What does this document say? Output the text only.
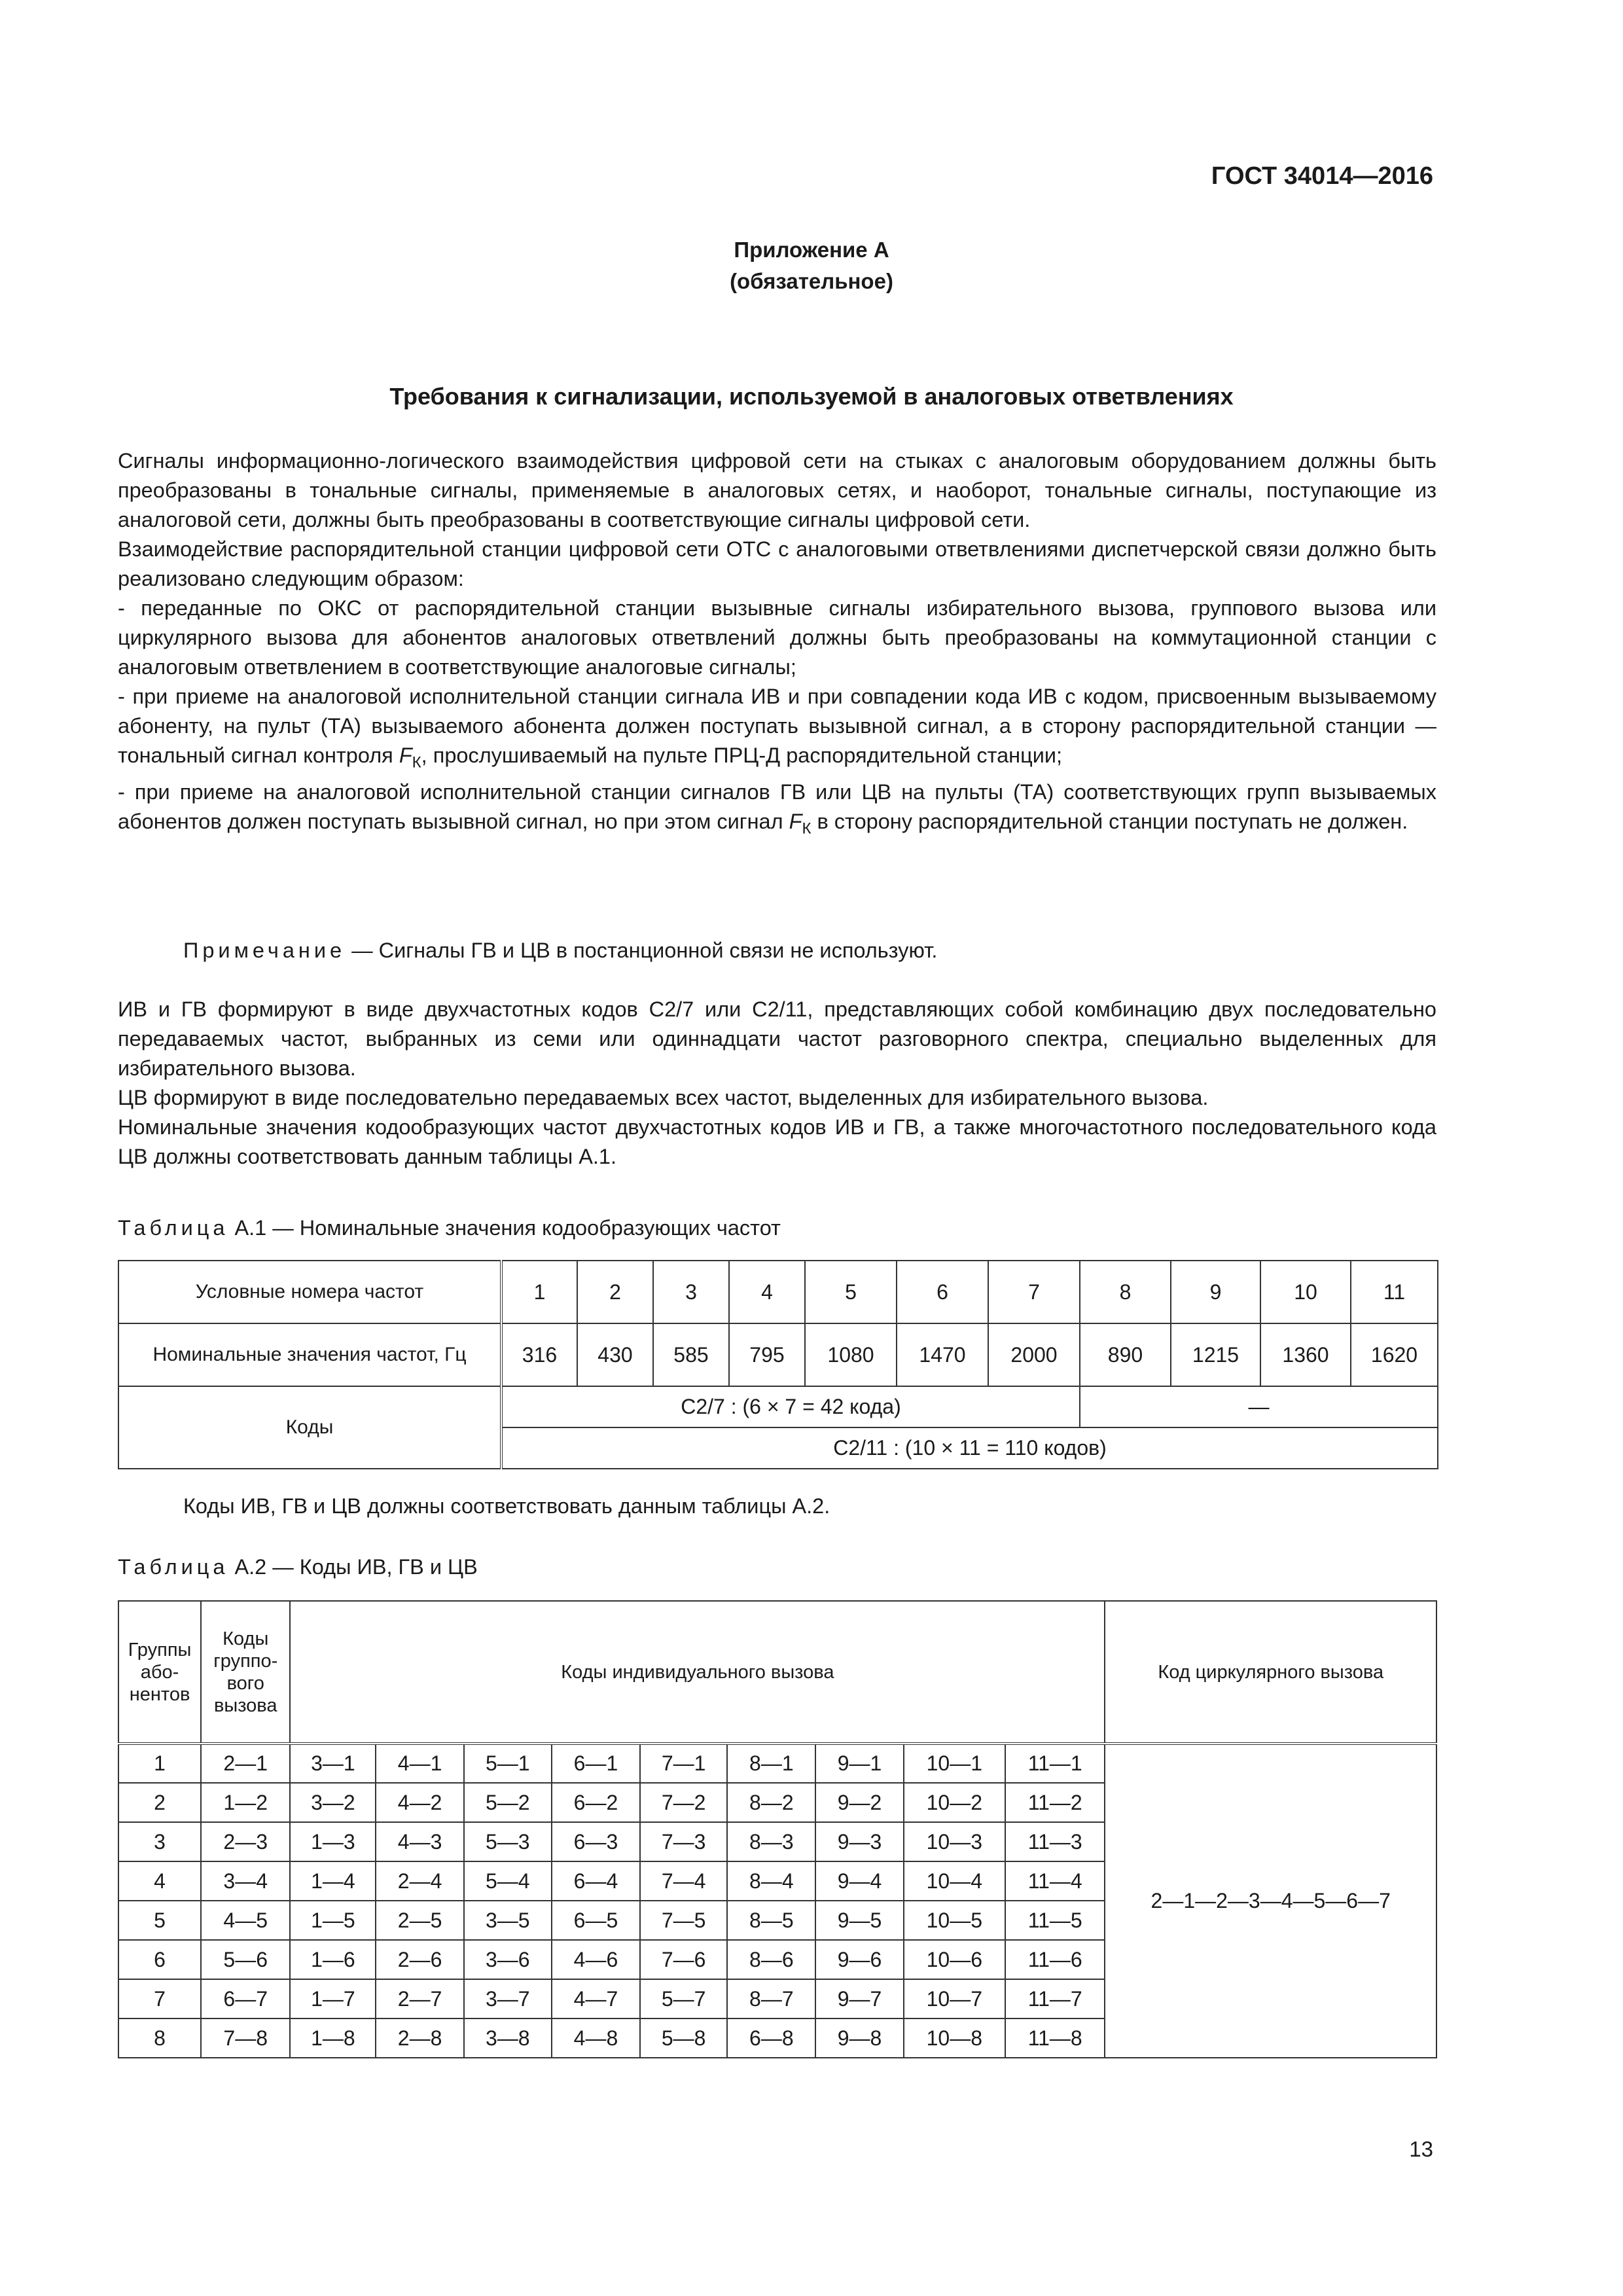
ГОСТ 34014—2016
Приложение А
(обязательное)
Требования к сигнализации, используемой в аналоговых ответвлениях
Сигналы информационно-логического взаимодействия цифровой сети на стыках с аналоговым оборудованием должны быть преобразованы в тональные сигналы, применяемые в аналоговых сетях, и наоборот, тональные сигналы, поступающие из аналоговой сети, должны быть преобразованы в соответствующие сигналы цифровой сети.
Взаимодействие распорядительной станции цифровой сети ОТС с аналоговыми ответвлениями диспетчерской связи должно быть реализовано следующим образом:
- переданные по ОКС от распорядительной станции вызывные сигналы избирательного вызова, группового вызова или циркулярного вызова для абонентов аналоговых ответвлений должны быть преобразованы на коммутационной станции с аналоговым ответвлением в соответствующие аналоговые сигналы;
- при приеме на аналоговой исполнительной станции сигнала ИВ и при совпадении кода ИВ с кодом, присвоенным вызываемому абоненту, на пульт (ТА) вызываемого абонента должен поступать вызывной сигнал, а в сторону распорядительной станции — тональный сигнал контроля $F_К$, прослушиваемый на пульте ПРЦ-Д распорядительной станции;
- при приеме на аналоговой исполнительной станции сигналов ГВ или ЦВ на пульты (ТА) соответствующих групп вызываемых абонентов должен поступать вызывной сигнал, но при этом сигнал $F_К$ в сторону распорядительной станции поступать не должен.
Примечание — Сигналы ГВ и ЦВ в постанционной связи не используют.
ИВ и ГВ формируют в виде двухчастотных кодов С2/7 или С2/11, представляющих собой комбинацию двух последовательно передаваемых частот, выбранных из семи или одиннадцати частот разговорного спектра, специально выделенных для избирательного вызова.
ЦВ формируют в виде последовательно передаваемых всех частот, выделенных для избирательного вызова.
Номинальные значения кодообразующих частот двухчастотных кодов ИВ и ГВ, а также многочастотного последовательного кода ЦВ должны соответствовать данным таблицы А.1.
Таблица А.1 — Номинальные значения кодообразующих частот
Условные номера частот	1	2	3	4	5	6	7	8	9	10	11
Номинальные значения частот, Гц	316	430	585	795	1080	1470	2000	890	1215	1360	1620
Коды	С2/7 : (6 × 7 = 42 кода)							—			
	С2/11 : (10 × 11 = 110 кодов)										
Коды ИВ, ГВ и ЦВ должны соответствовать данным таблицы А.2.
Таблица А.2 — Коды ИВ, ГВ и ЦВ
Группы або-нентов	Коды группо-вого вызова	Коды индивидуального вызова									Код циркулярного вызова
1	2—1	3—1	4—1	5—1	6—1	7—1	8—1	9—1	10—1	11—1	2—1—2—3—4—5—6—7
2	1—2	3—2	4—2	5—2	6—2	7—2	8—2	9—2	10—2	11—2	
3	2—3	1—3	4—3	5—3	6—3	7—3	8—3	9—3	10—3	11—3	
4	3—4	1—4	2—4	5—4	6—4	7—4	8—4	9—4	10—4	11—4	
5	4—5	1—5	2—5	3—5	6—5	7—5	8—5	9—5	10—5	11—5	
6	5—6	1—6	2—6	3—6	4—6	7—6	8—6	9—6	10—6	11—6	
7	6—7	1—7	2—7	3—7	4—7	5—7	8—7	9—7	10—7	11—7	
8	7—8	1—8	2—8	3—8	4—8	5—8	6—8	9—8	10—8	11—8	
13
